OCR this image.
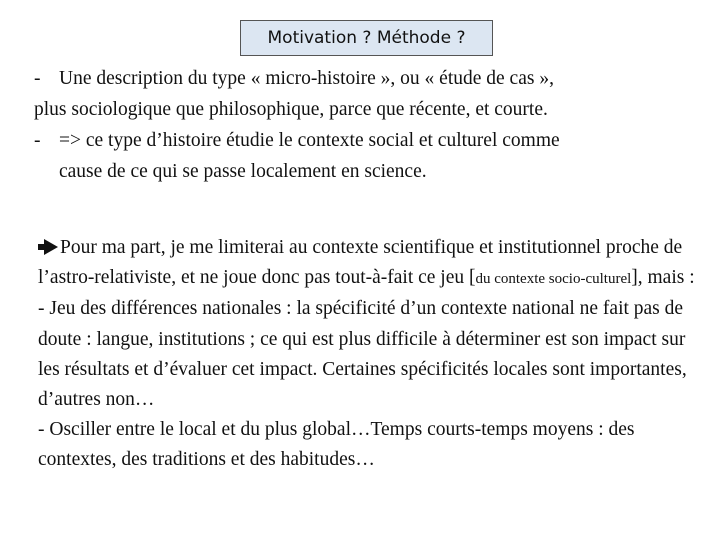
Motivation ? Méthode ?
- Une description du type « micro-histoire », ou « étude de cas »,
plus sociologique que philosophique, parce que récente, et courte.
- => ce type d’histoire étudie le contexte social et culturel comme
cause de ce qui se passe localement en science.
Pour ma part, je me limiterai au contexte scientifique et institutionnel proche de l’astro-relativiste, et ne joue donc pas tout-à-fait ce jeu [du contexte socio-culturel], mais :
- Jeu des différences nationales : la spécificité d’un contexte national ne fait pas de doute : langue, institutions ; ce qui est plus difficile à déterminer est son impact sur les résultats et d’évaluer cet impact. Certaines spécificités locales sont importantes, d’autres non…
- Osciller entre le local et du plus global…Temps courts-temps moyens : des contextes, des traditions et des habitudes…
